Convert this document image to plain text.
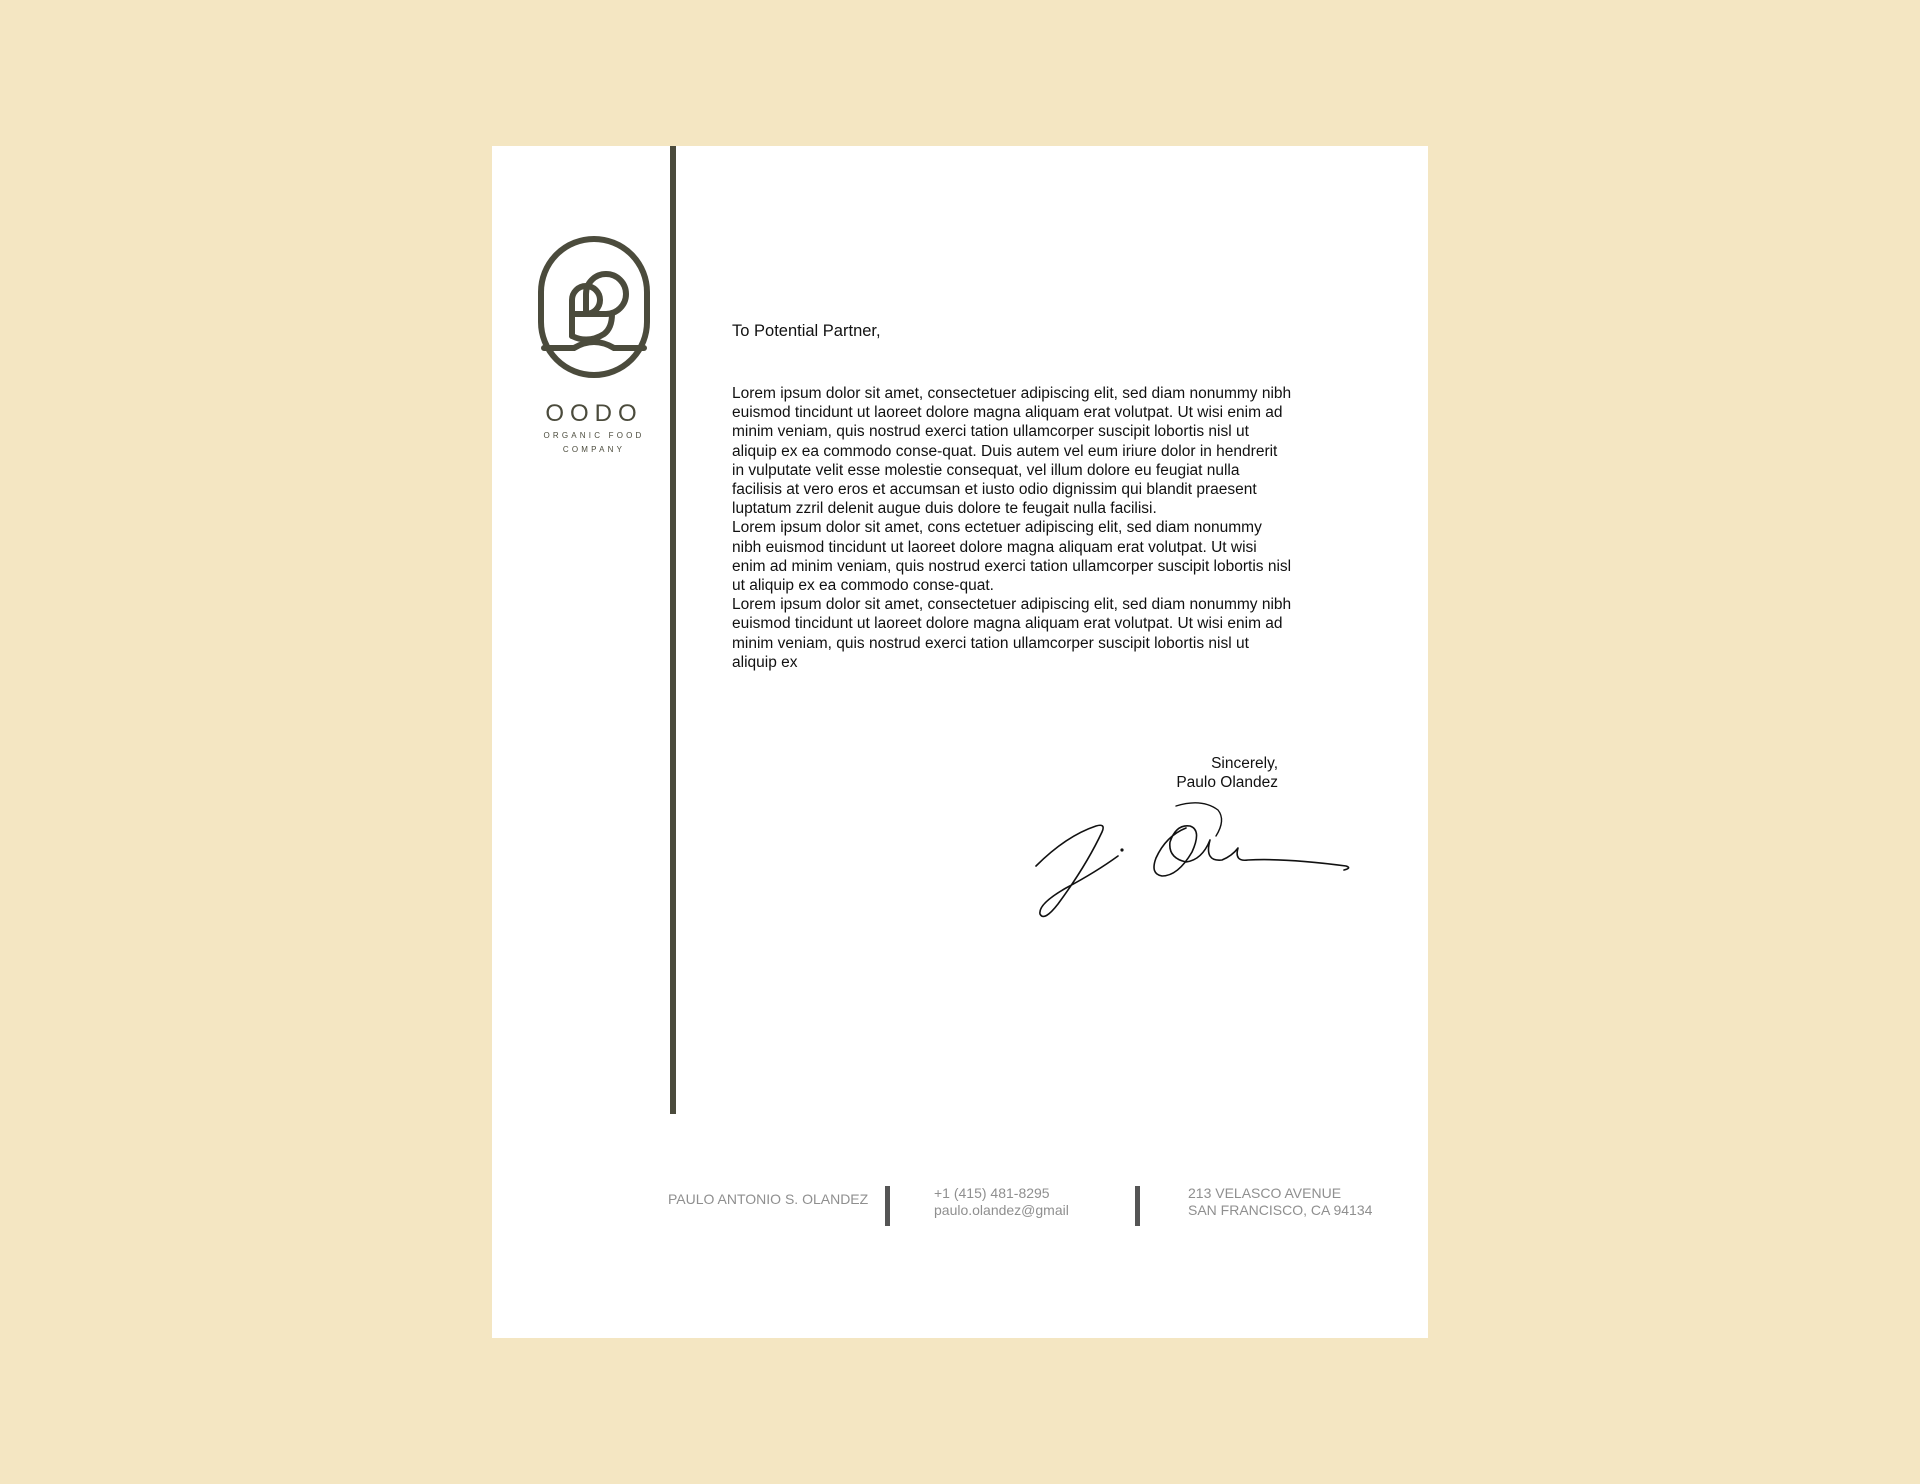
OODO
ORGANIC FOOD
COMPANY
To Potential Partner,

Lorem ipsum dolor sit amet, consectetuer adipiscing elit, sed diam nonummy nibh euismod tincidunt ut laoreet dolore magna aliquam erat volutpat. Ut wisi enim ad minim veniam, quis nostrud exerci tation ullamcorper suscipit lobortis nisl ut aliquip ex ea commodo conse-quat. Duis autem vel eum iriure dolor in hendrerit in vulputate velit esse molestie consequat, vel illum dolore eu feugiat nulla facilisis at vero eros et accumsan et iusto odio dignissim qui blandit praesent luptatum zzril delenit augue duis dolore te feugait nulla facilisi.

Lorem ipsum dolor sit amet, cons ectetuer adipiscing elit, sed diam nonummy nibh euismod tincidunt ut laoreet dolore magna aliquam erat volutpat. Ut wisi enim ad minim veniam, quis nostrud exerci tation ullamcorper suscipit lobortis nisl ut aliquip ex ea commodo conse-quat.

Lorem ipsum dolor sit amet, consectetuer adipiscing elit, sed diam nonummy nibh euismod tincidunt ut laoreet dolore magna aliquam erat volutpat. Ut wisi enim ad minim veniam, quis nostrud exerci tation ullamcorper suscipit lobortis nisl ut aliquip ex

Sincerely,
Paulo Olandez
PAULO ANTONIO S. OLANDEZ	+1 (415) 481-8295
paulo.olandez@gmail
213 VELASCO AVENUE
SAN FRANCISCO, CA 94134
